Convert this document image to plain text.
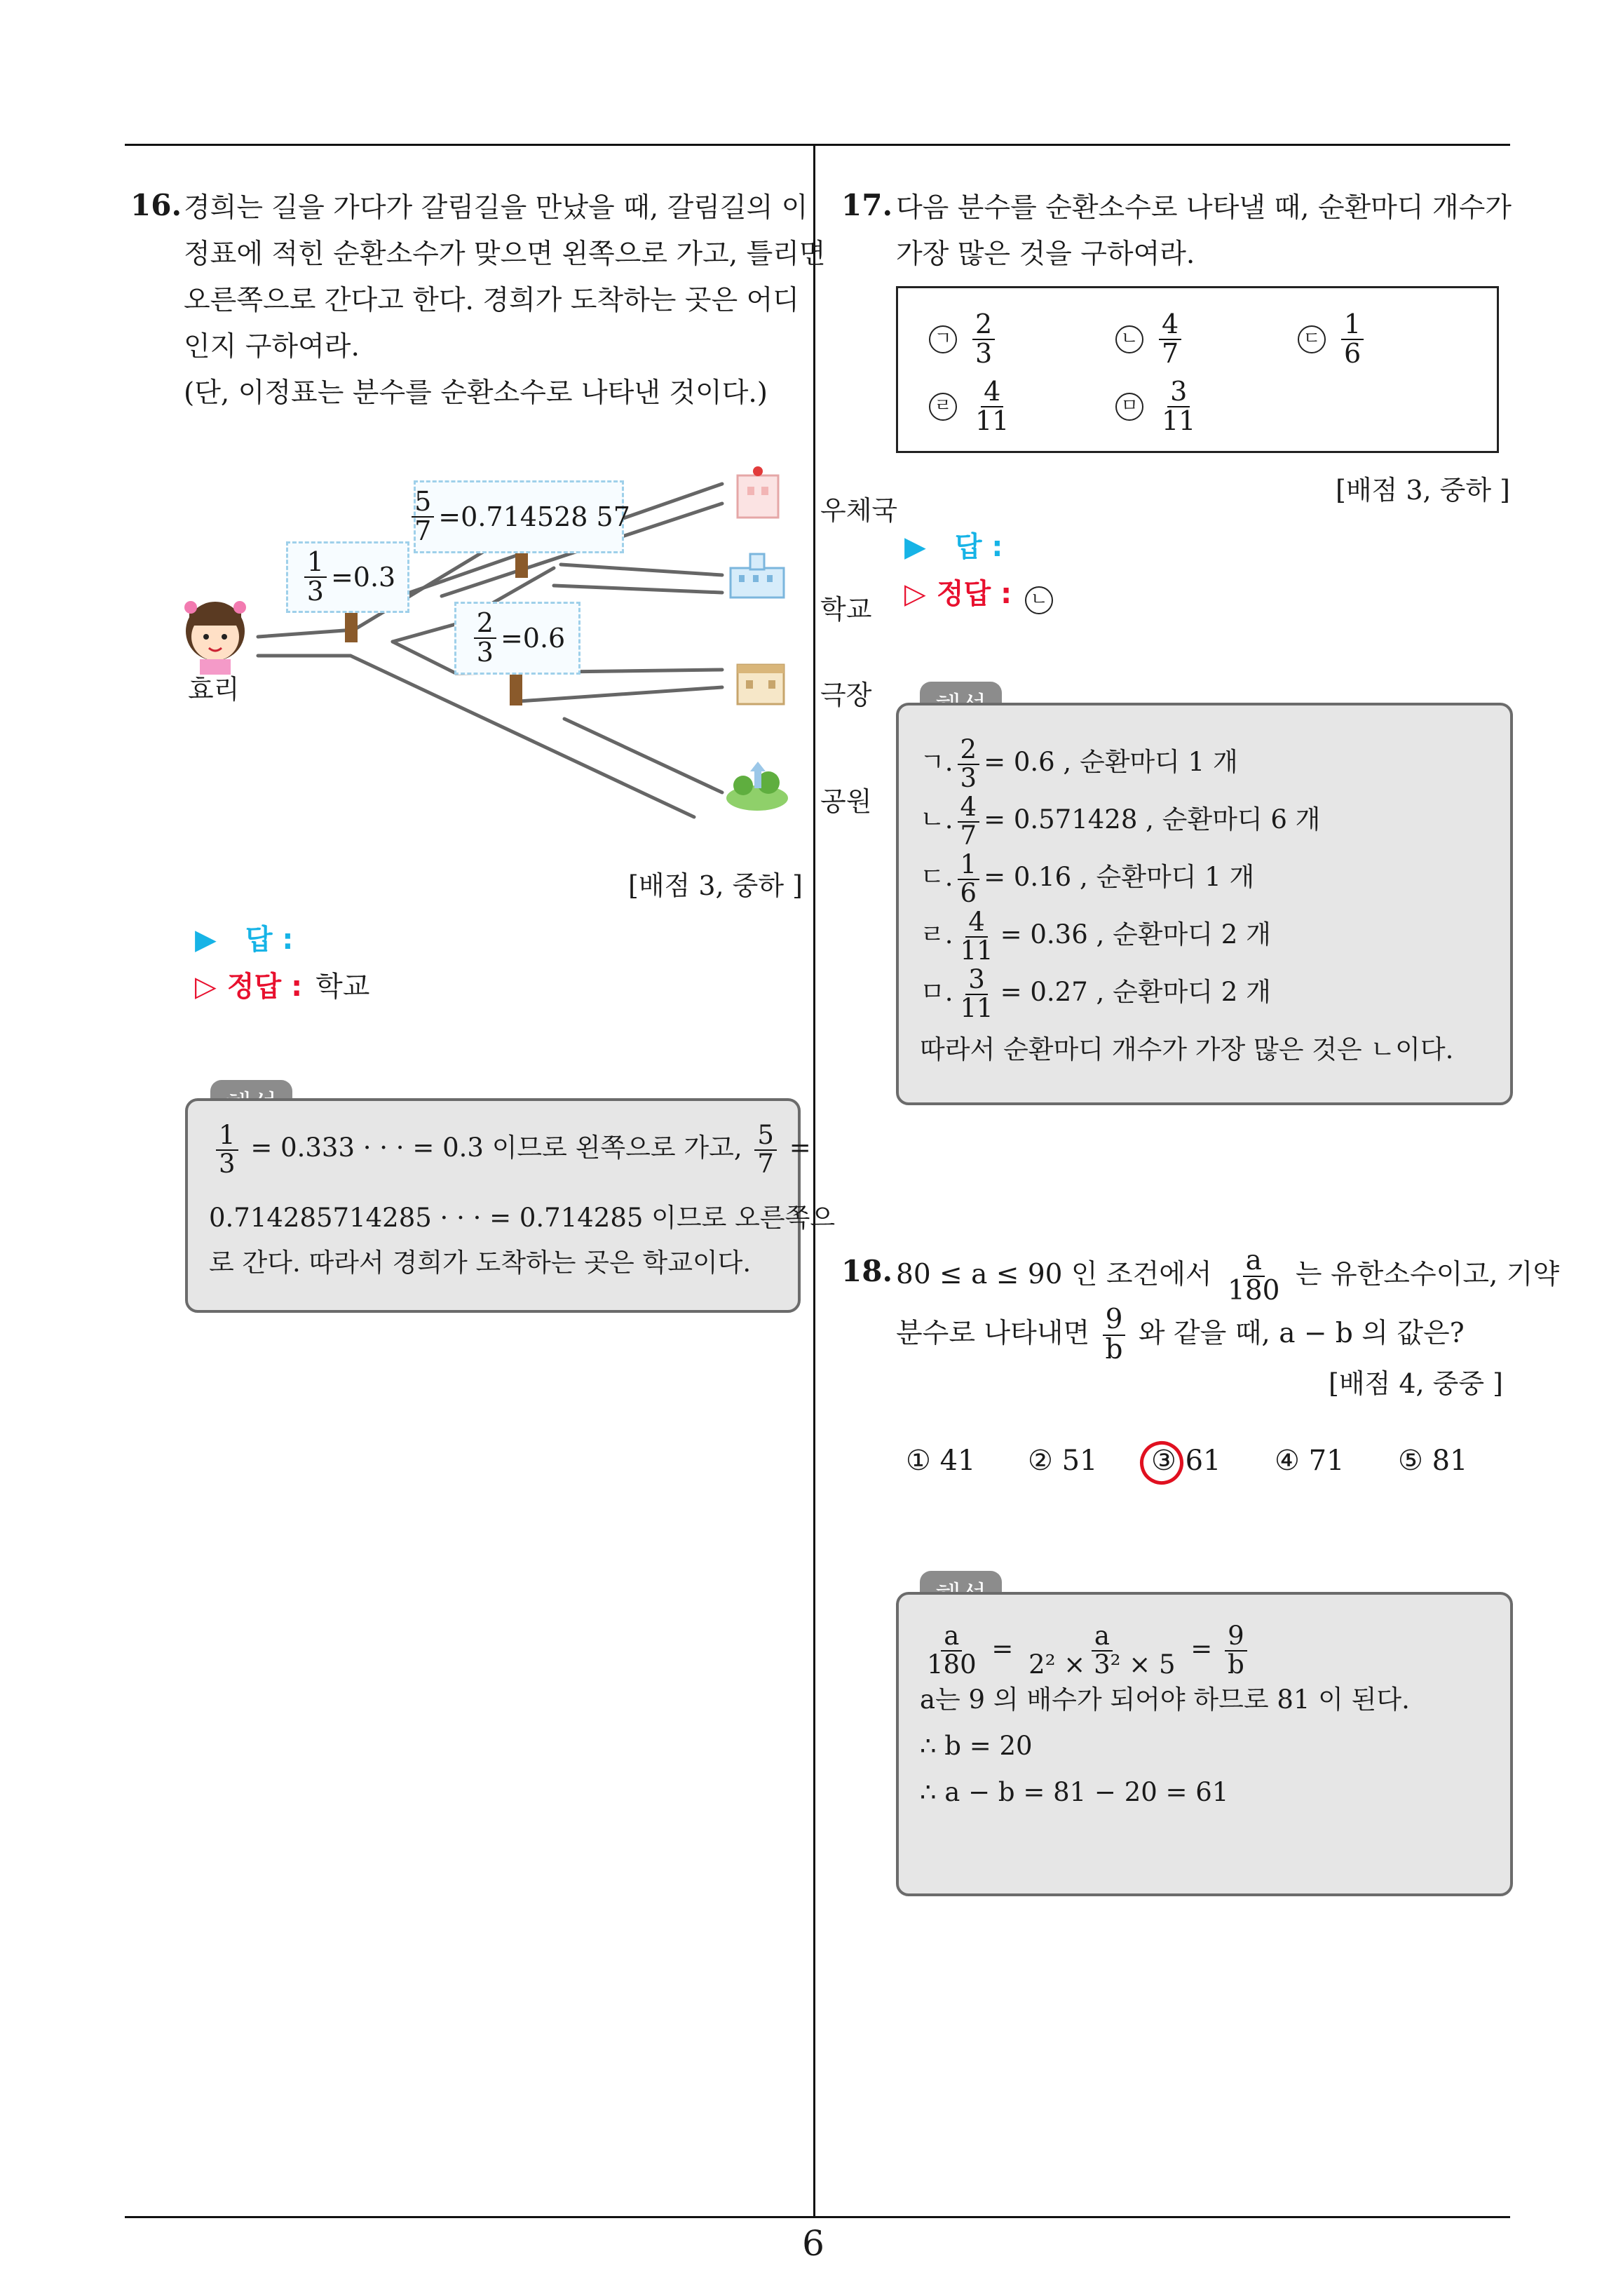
6
16. 경희는 길을 가다가 갈림길을 만났을 때, 갈림길의 이
정표에 적힌 순환소수가 맞으면 왼쪽으로 가고, 틀리면
오른쪽으로 간다고 한다. 경희가 도착하는 곳은 어디
인지 구하여라.
(단, 이정표는 분수를 순환소수로 나타낸 것이다.)
$\frac{1}{3} =0.3$
$\frac{5}{7} =0.714528$ 57
$\frac{2}{3} =0.6$
효리
우체국
학교
극장
공원
[배점 3, 중하 ]
▶ 답 :
▷ 정답 : 학교
$\frac{1}{3} = 0.333$ · · · = 0.3 이므로 왼쪽으로 가고, $\frac{5}{7}$ =
0.714285714285 · · · = 0.714285 이므로 오른쪽으
로 간다. 따라서 경희가 도착하는 곳은 학교이다.
17. 다음 분수를 순환소수로 나타낼 때, 순환마디 개수가
가장 많은 것을 구하여라.
ㄱ $\frac{2}{3}$	ㄴ $\frac{4}{7}$	ㄷ $\frac{1}{6}$
ㄹ $\frac{4}{11}$	ㅁ $\frac{3}{11}$
[배점 3, 중하 ]
▶ 답 :
▷ 정답 : ㄴ
ㄱ. $\frac{2}{3} = 0.6$ , 순환마디 1 개
ㄴ. $\frac{4}{7} = 0.571428$ , 순환마디 6 개
ㄷ. $\frac{1}{6} = 0.16$ , 순환마디 1 개
ㄹ. $\frac{4}{11} = 0.36$ , 순환마디 2 개
ㅁ. $\frac{3}{11} = 0.27$ , 순환마디 2 개
따라서 순환마디 개수가 가장 많은 것은 ㄴ이다.
18. 80 ≤ a ≤ 90 인 조건에서 $\frac{a}{180}$ 는 유한소수이고, 기약
분수로 나타내면 $\frac{9}{b}$ 와 같을 때, a − b 의 값은?
[배점 4, 중중 ]
① 41 ② 51 ③ 61 ④ 71 ⑤ 81
$\frac{a}{180} = \frac{a}{\text{2² × 3² × 5}} = \frac{9}{b}$
a는 9 의 배수가 되어야 하므로 81 이 된다.
∴ b = 20
∴ a − b = 81 − 20 = 61
